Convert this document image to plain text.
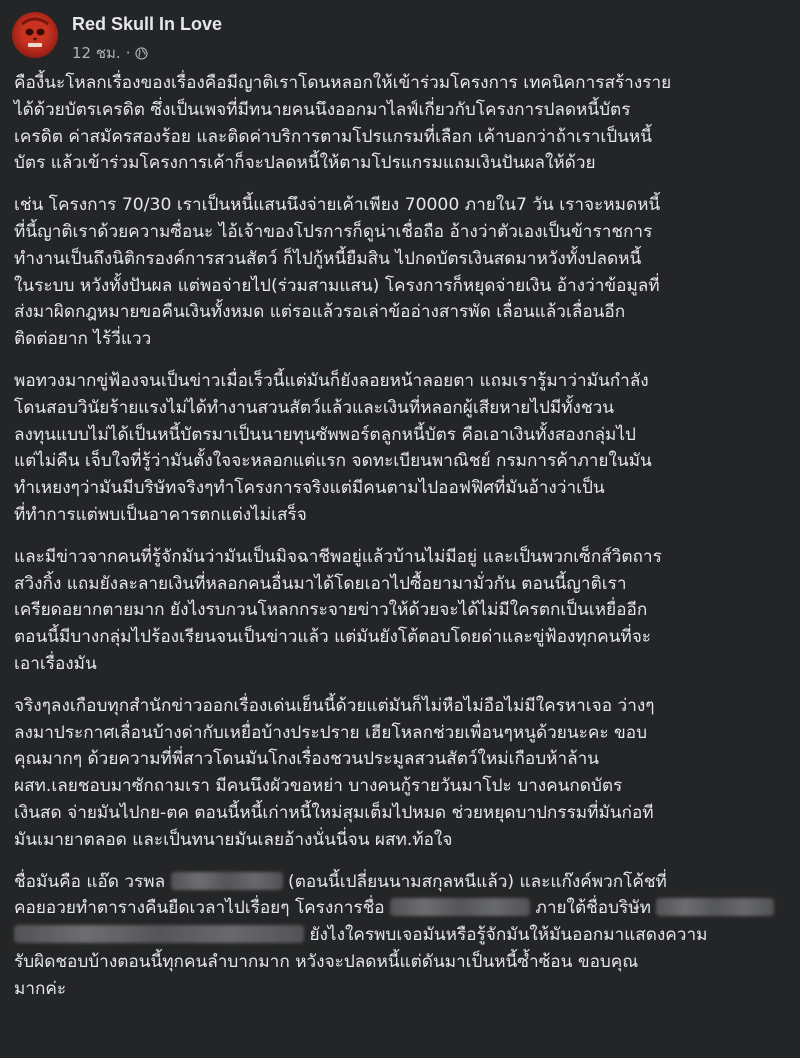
Red Skull In Love
12 ชม. ·

คืองี้นะโหลกเรื่องของเรื่องคือมีญาติเราโดนหลอกให้เข้าร่วมโครงการ เทคนิคการสร้างราย
ได้ด้วยบัตรเครดิต ซึ่งเป็นเพจที่มีทนายคนนึงออกมาไลฟ์เกี่ยวกับโครงการปลดหนี้บัตร
เครดิต ค่าสมัครสองร้อย และติดค่าบริการตามโปรแกรมที่เลือก เค้าบอกว่าถ้าเราเป็นหนี้
บัตร แล้วเข้าร่วมโครงการเค้าก็จะปลดหนี้ให้ตามโปรแกรมแถมเงินปันผลให้ด้วย

เช่น โครงการ 70/30 เราเป็นหนี้แสนนึงจ่ายเค้าเพียง 70000 ภายใน7 วัน เราจะหมดหนี้
ที่นี้ญาติเราด้วยความซื่อนะ ไอ้เจ้าของโปรการก็ดูน่าเชื่อถือ อ้างว่าตัวเองเป็นข้าราชการ
ทำงานเป็นถึงนิติกรองค์การสวนสัตว์ ก็ไปกู้หนี้ยืมสิน ไปกดบัตรเงินสดมาหวังทั้งปลดหนี้
ในระบบ หวังทั้งปันผล แต่พอจ่ายไป(ร่วมสามแสน) โครงการก็หยุดจ่ายเงิน อ้างว่าข้อมูลที่
ส่งมาผิดกฎหมายขอคืนเงินทั้งหมด แต่รอแล้วรอเล่าข้ออ่างสารพัด เลื่อนแล้วเลื่อนอีก
ติดต่อยาก ไร้วี่แวว

พอทวงมากขู่ฟ้องจนเป็นข่าวเมื่อเร็วนี้แต่มันก็ยังลอยหน้าลอยตา แถมเรารู้มาว่ามันกำลัง
โดนสอบวินัยร้ายแรงไม่ได้ทำงานสวนสัตว์แล้วและเงินที่หลอกผู้เสียหายไปมีทั้งชวน
ลงทุนแบบไม่ได้เป็นหนี้บัตรมาเป็นนายทุนซัพพอร์ตลูกหนี้บัตร คือเอาเงินทั้งสองกลุ่มไป
แต่ไม่คืน เจ็บใจที่รู้ว่ามันตั้งใจจะหลอกแต่แรก จดทะเบียนพาณิชย์ กรมการค้าภายในมัน
ทำเหยงๆว่ามันมีบริษัทจริงๆทำโครงการจริงแต่มีคนตามไปออฟฟิศที่มันอ้างว่าเป็น
ที่ทำการแต่พบเป็นอาคารตกแต่งไม่เสร็จ

และมีข่าวจากคนที่รู้จักมันว่ามันเป็นมิจฉาชีพอยู่แล้วบ้านไม่มีอยู่ และเป็นพวกเซ็กส์วิตถาร
สวิงกิ้ง แถมยังละลายเงินที่หลอกคนอื่นมาได้โดยเอาไปซื้อยามามั่วกัน ตอนนี้ญาติเรา
เครียดอยากตายมาก ยังไงรบกวนโหลกกระจายข่าวให้ด้วยจะได้ไม่มีใครตกเป็นเหยื่ออีก
ตอนนี้มีบางกลุ่มไปร้องเรียนจนเป็นข่าวแล้ว แต่มันยังโต้ตอบโดยด่าและขู่ฟ้องทุกคนที่จะ
เอาเรื่องมัน

จริงๆลงเกือบทุกสำนักข่าวออกเรื่องเด่นเย็นนี้ด้วยแต่มันก็ไม่หือไม่อือไม่มีใครหาเจอ ว่างๆ
ลงมาประกาศเลื่อนบ้างด่ากับเหยื่อบ้างประปราย เฮียโหลกช่วยเพื่อนๆหนูด้วยนะคะ ขอบ
คุณมากๆ ด้วยความที่พี่สาวโดนมันโกงเรื่องชวนประมูลสวนสัตว์ใหม่เกือบห้าล้าน
ผสท.เลยชอบมาซักถามเรา มีคนนึงผัวขอหย่า บางคนกู้รายวันมาโปะ บางคนกดบัตร
เงินสด จ่ายมันไปกย-ตค ตอนนี้หนี้เก่าหนี้ใหม่สุมเต็มไปหมด ช่วยหยุดบาปกรรมที่มันก่อที
มันเมายาตลอด และเป็นทนายมันเลยอ้างนั่นนี่จน ผสท.ท้อใจ

ชื่อมันคือ แอ๊ด วรพล	(ตอนนี้เปลี่ยนนามสกุลหนีแล้ว) และแก๊งค์พวกโค้ชที่
คอยอวยทำตารางคืนยืดเวลาไปเรื่อยๆ โครงการชื่อ	ภายใต้ชื่อบริษัท
ยังไงใครพบเจอมันหรือรู้จักมันให้มันออกมาแสดงความ
รับผิดชอบบ้างตอนนี้ทุกคนลำบากมาก หวังจะปลดหนี้แต่ดันมาเป็นหนี้ซ้ำซ้อน ขอบคุณ
มากค่ะ
